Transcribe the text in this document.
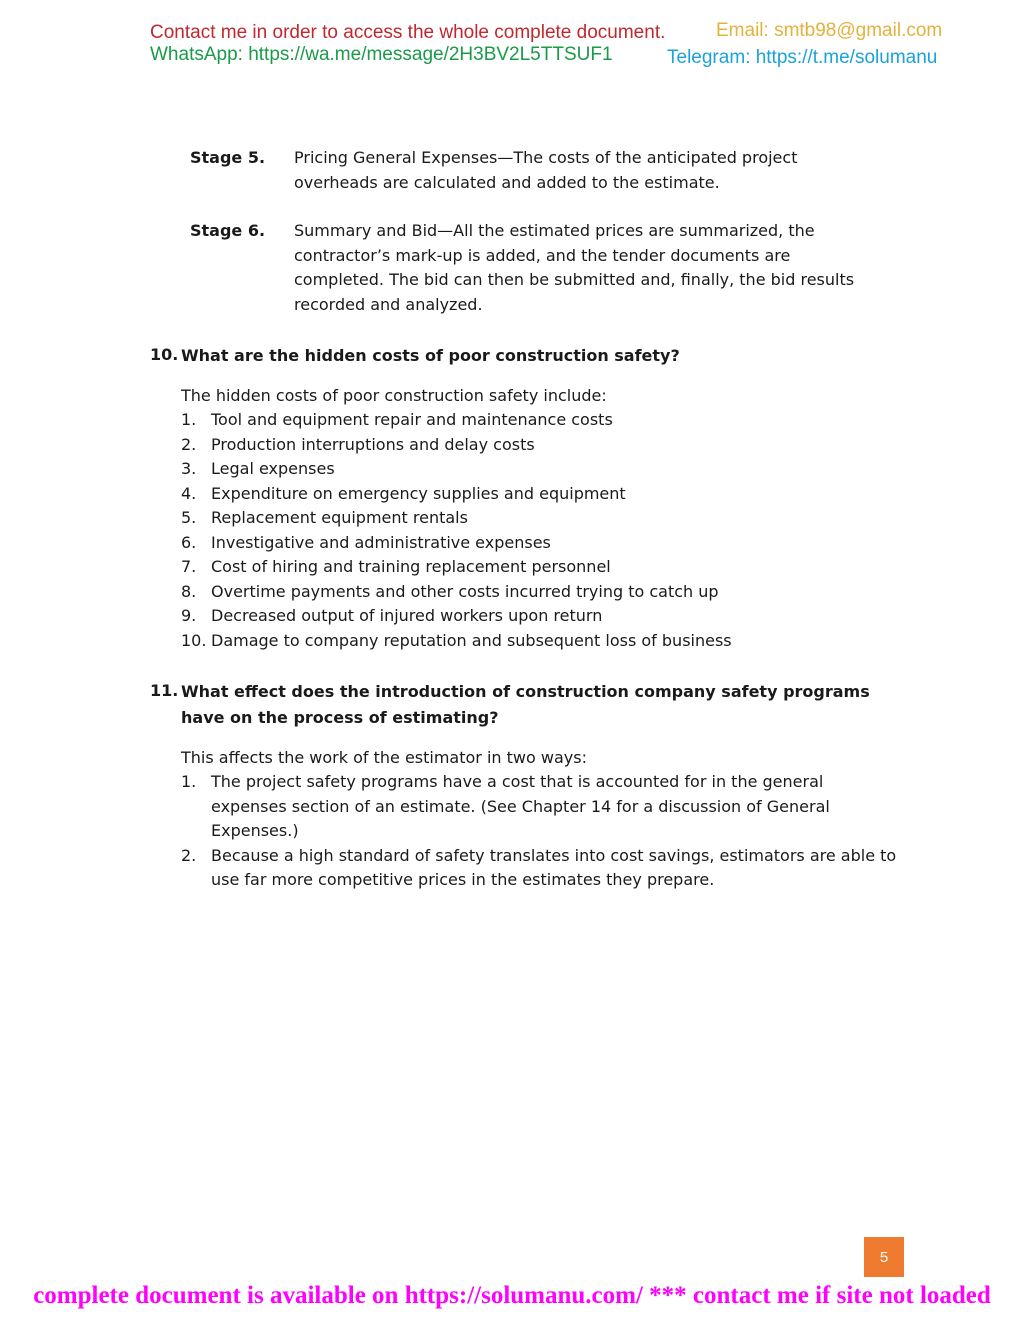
Contact me in order to access the whole complete document.
WhatsApp: https://wa.me/message/2H3BV2L5TTSUF1
Email: smtb98@gmail.com
Telegram: https://t.me/solumanu
Stage 5. Pricing General Expenses—The costs of the anticipated project overheads are calculated and added to the estimate.
Stage 6. Summary and Bid—All the estimated prices are summarized, the contractor’s mark-up is added, and the tender documents are completed. The bid can then be submitted and, finally, the bid results recorded and analyzed.
10. What are the hidden costs of poor construction safety?
The hidden costs of poor construction safety include:
1. Tool and equipment repair and maintenance costs
2. Production interruptions and delay costs
3. Legal expenses
4. Expenditure on emergency supplies and equipment
5. Replacement equipment rentals
6. Investigative and administrative expenses
7. Cost of hiring and training replacement personnel
8. Overtime payments and other costs incurred trying to catch up
9. Decreased output of injured workers upon return
10. Damage to company reputation and subsequent loss of business
11. What effect does the introduction of construction company safety programs have on the process of estimating?
This affects the work of the estimator in two ways:
1. The project safety programs have a cost that is accounted for in the general expenses section of an estimate. (See Chapter 14 for a discussion of General Expenses.)
2. Because a high standard of safety translates into cost savings, estimators are able to use far more competitive prices in the estimates they prepare.
5
complete document is available on https://solumanu.com/ *** contact me if site not loaded
